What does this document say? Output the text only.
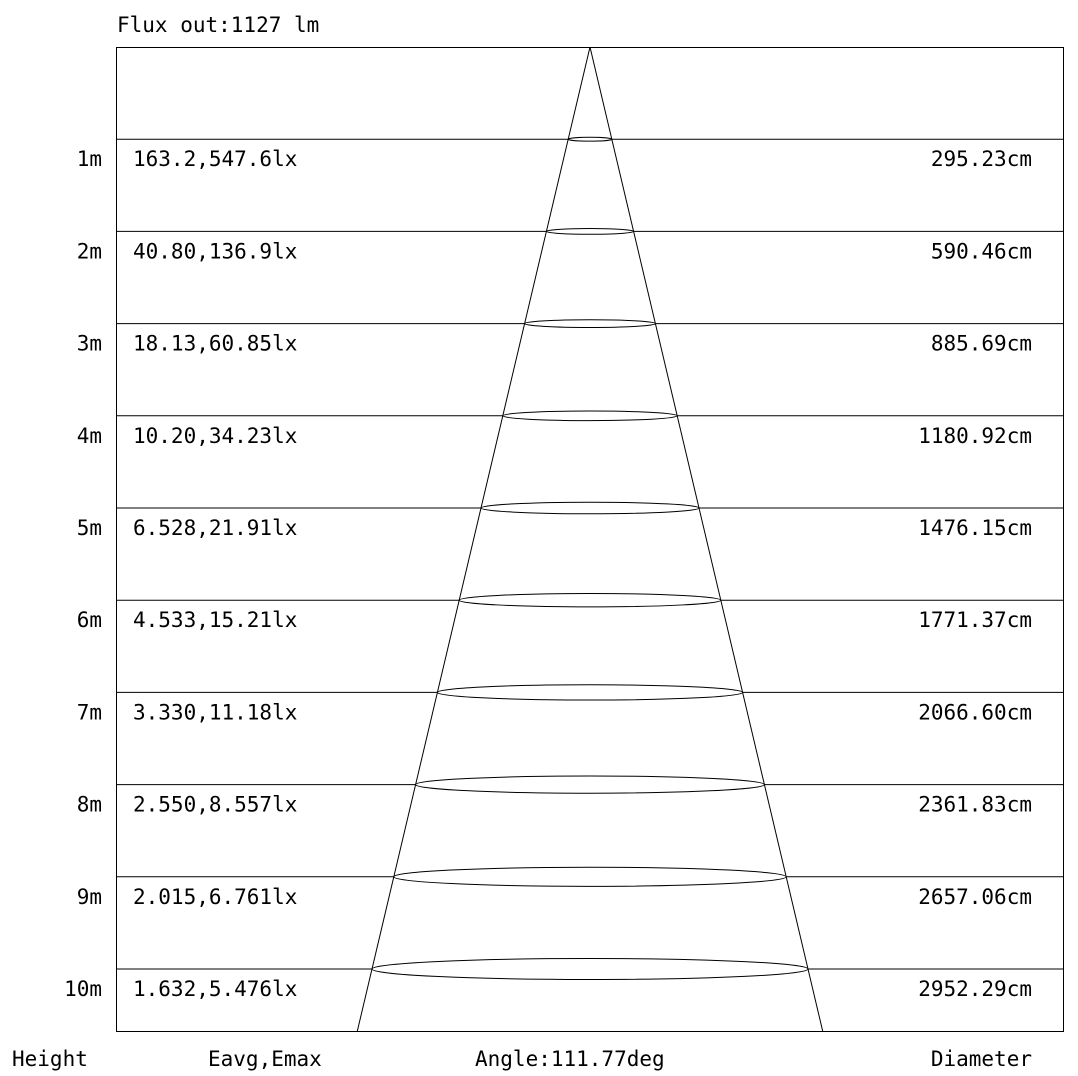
Flux out:1127 lm
1m 163.2,547.6lx	295.23cm
2m 40.80,136.9lx	590.46cm
3m 18.13,60.85lx	885.69cm
4m 10.20,34.23lx	1180.92cm
5m 6.528,21.91lx	1476.15cm
6m 4.533,15.21lx	1771.37cm
7m 3.330,11.18lx	2066.60cm
8m 2.550,8.557lx	2361.83cm
9m 2.015,6.761lx	2657.06cm
10m 1.632,5.476lx	2952.29cm
Height	Eavg,Emax	Angle:111.77deg	Diameter
